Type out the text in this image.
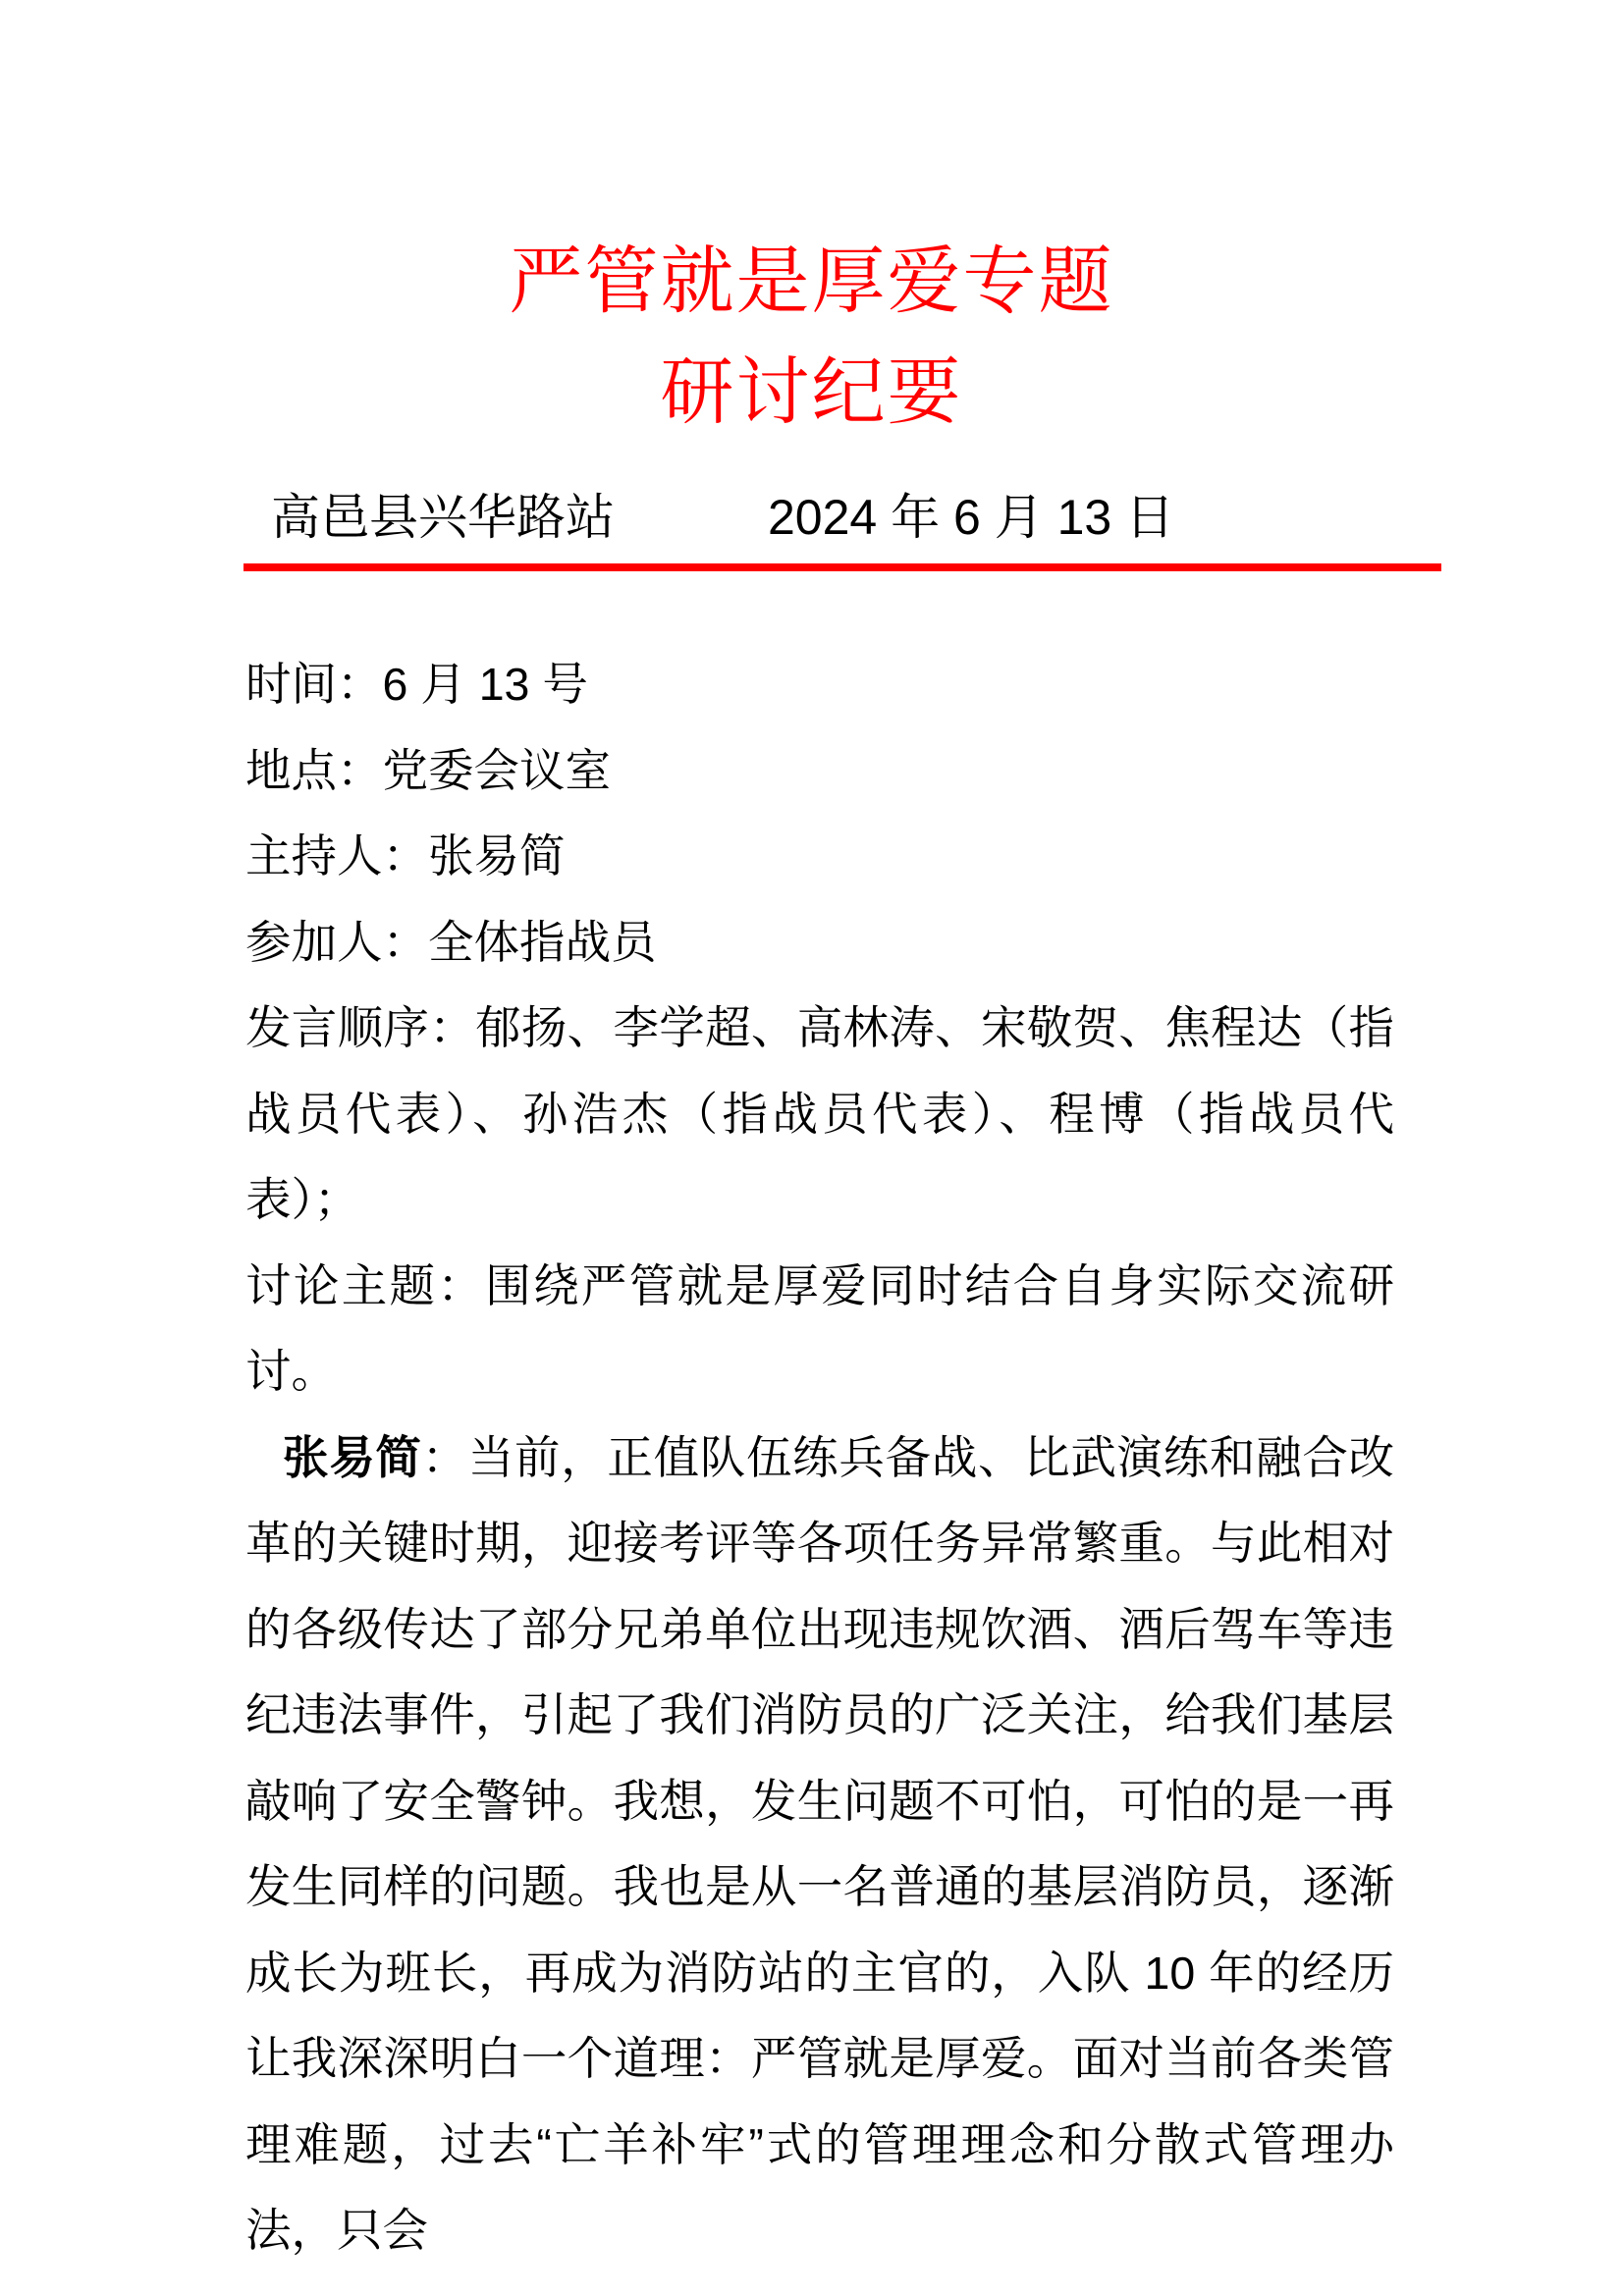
严管就是厚爱专题
研讨纪要
高邑县兴华路站	2024 年 6 月 13 日

时间：6 月 13 号

地点：党委会议室

主持人：张易简

参加人：全体指战员

发言顺序：郁扬、李学超、高林涛、宋敬贺、焦程达（指战员代表）、孙浩杰（指战员代表）、程博（指战员代表）；

讨论主题：围绕严管就是厚爱同时结合自身实际交流研讨。

张易简：当前，正值队伍练兵备战、比武演练和融合改革的关键时期，迎接考评等各项任务异常繁重。与此相对的各级传达了部分兄弟单位出现违规饮酒、酒后驾车等违纪违法事件，引起了我们消防员的广泛关注，给我们基层敲响了安全警钟。我想，发生问题不可怕，可怕的是一再发生同样的问题。我也是从一名普通的基层消防员，逐渐成长为班长，再成为消防站的主官的，入队 10 年的经历让我深深明白一个道理：严管就是厚爱。面对当前各类管理难题，过去“亡羊补牢”式的管理理念和分散式管理办法，只会
